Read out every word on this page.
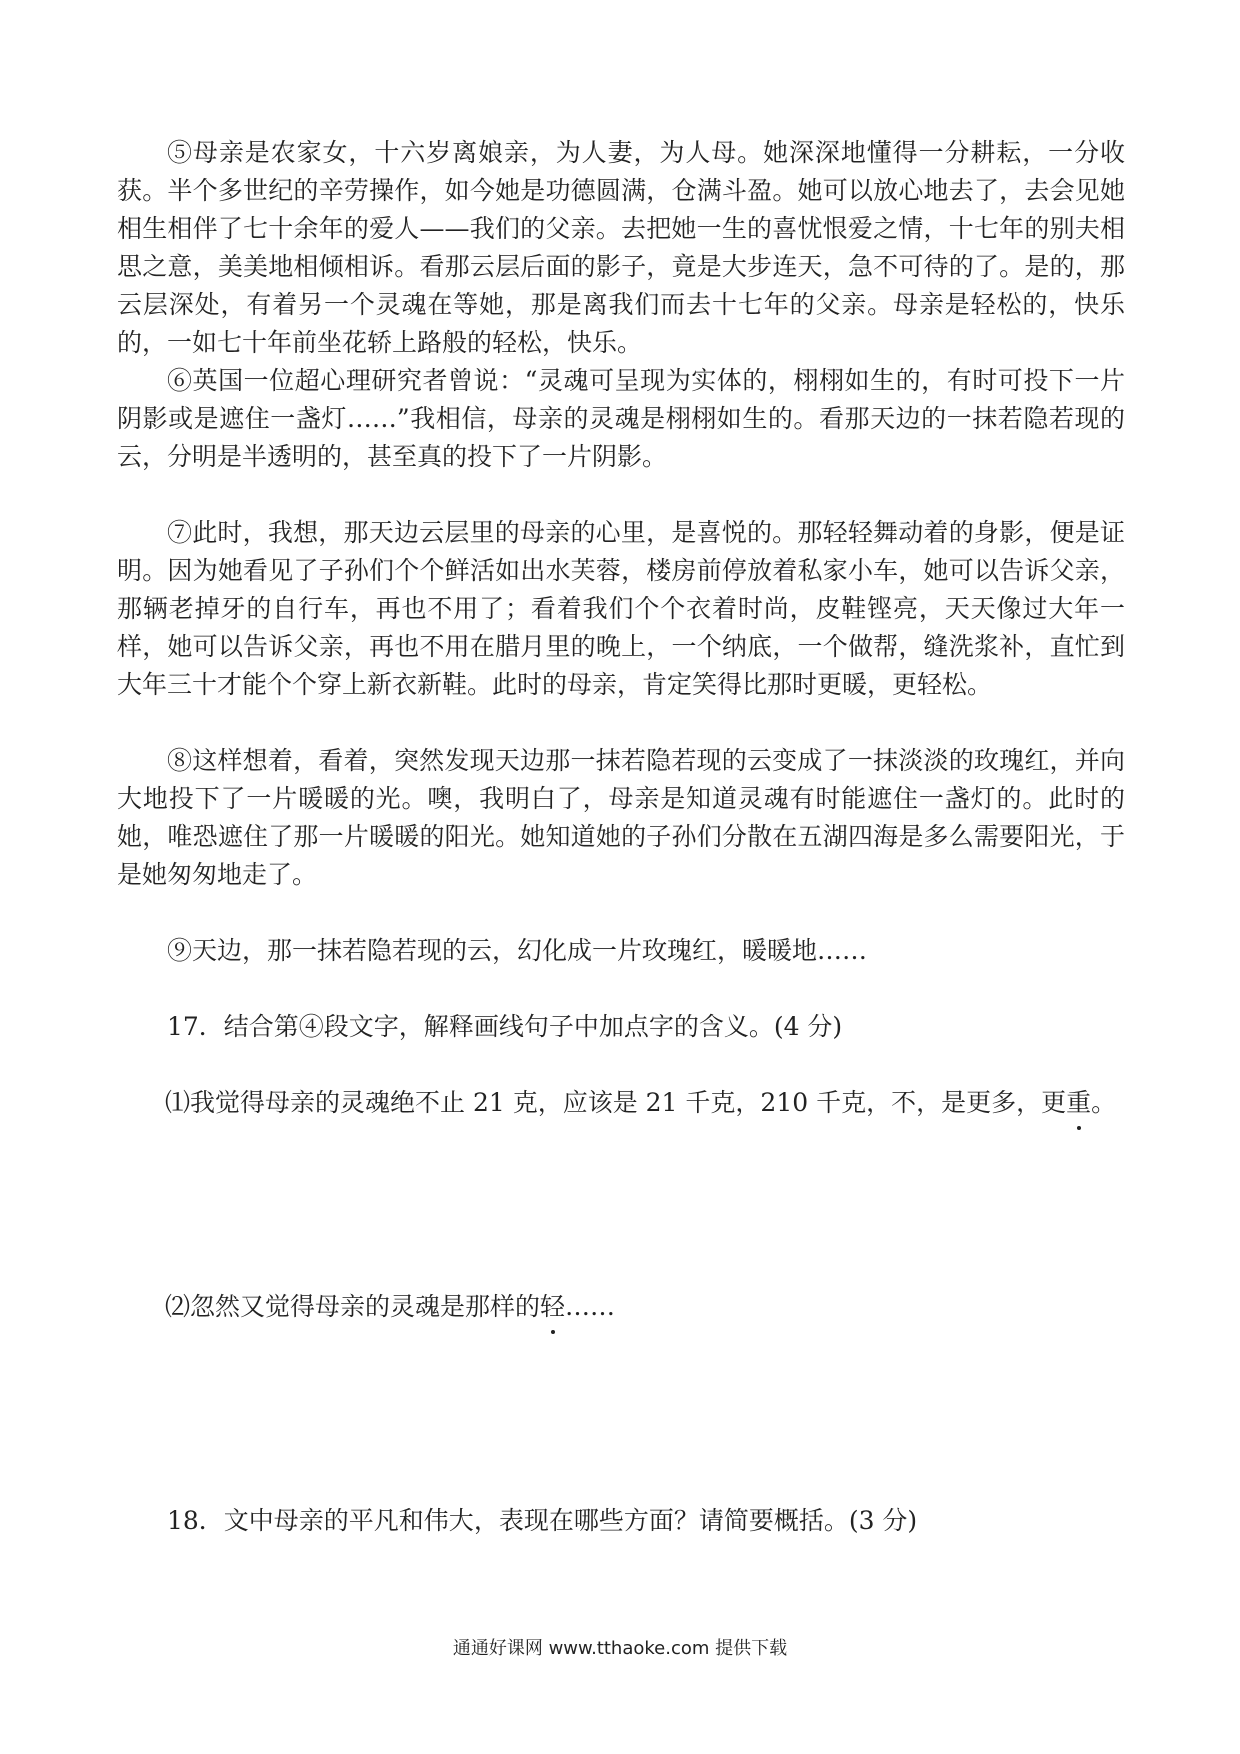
⑤母亲是农家女，十六岁离娘亲，为人妻，为人母。她深深地懂得一分耕耘，一分收获。半个多世纪的辛劳操作，如今她是功德圆满，仓满斗盈。她可以放心地去了，去会见她相生相伴了七十余年的爱人——我们的父亲。去把她一生的喜忧恨爱之情，十七年的别夫相思之意，美美地相倾相诉。看那云层后面的影子，竟是大步连天，急不可待的了。是的，那云层深处，有着另一个灵魂在等她，那是离我们而去十七年的父亲。母亲是轻松的，快乐的，一如七十年前坐花轿上路般的轻松，快乐。

⑥英国一位超心理研究者曾说：“灵魂可呈现为实体的，栩栩如生的，有时可投下一片阴影或是遮住一盏灯……”我相信，母亲的灵魂是栩栩如生的。看那天边的一抹若隐若现的云，分明是半透明的，甚至真的投下了一片阴影。

⑦此时，我想，那天边云层里的母亲的心里，是喜悦的。那轻轻舞动着的身影，便是证明。因为她看见了子孙们个个鲜活如出水芙蓉，楼房前停放着私家小车，她可以告诉父亲，那辆老掉牙的自行车，再也不用了；看着我们个个衣着时尚，皮鞋铿亮，天天像过大年一样，她可以告诉父亲，再也不用在腊月里的晚上，一个纳底，一个做帮，缝洗浆补，直忙到大年三十才能个个穿上新衣新鞋。此时的母亲，肯定笑得比那时更暖，更轻松。

⑧这样想着，看着，突然发现天边那一抹若隐若现的云变成了一抹淡淡的玫瑰红，并向大地投下了一片暖暖的光。噢，我明白了，母亲是知道灵魂有时能遮住一盏灯的。此时的她，唯恐遮住了那一片暖暖的阳光。她知道她的子孙们分散在五湖四海是多么需要阳光，于是她匆匆地走了。

⑨天边，那一抹若隐若现的云，幻化成一片玫瑰红，暖暖地……

17．结合第④段文字，解释画线句子中加点字的含义。(4 分)

⑴我觉得母亲的灵魂绝不止 21 克，应该是 21 千克，210 千克，不，是更多，更重。

⑵忽然又觉得母亲的灵魂是那样的轻……

18．文中母亲的平凡和伟大，表现在哪些方面？请简要概括。(3 分)

通通好课网 www.tthaoke.com 提供下载
